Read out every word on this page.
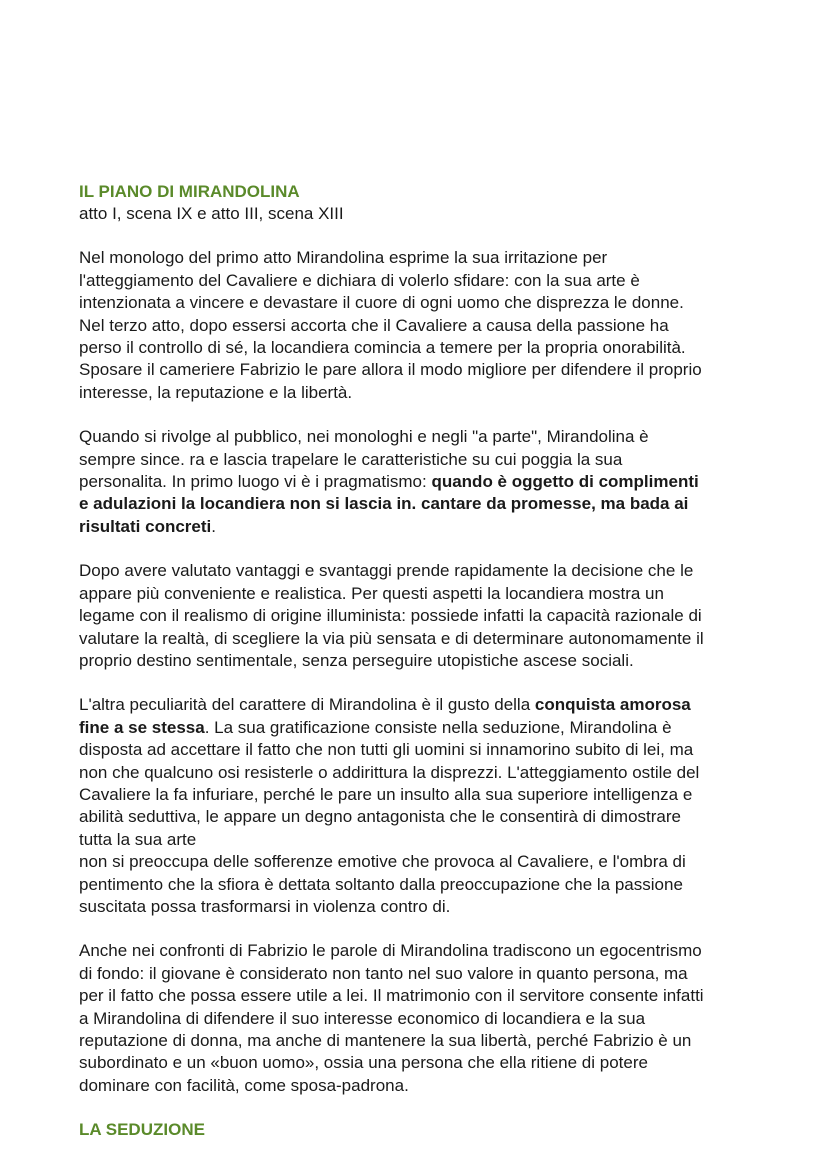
IL PIANO DI MIRANDOLINA

atto I, scena IX e atto III, scena XIII

Nel monologo del primo atto Mirandolina esprime la sua irritazione per
l'atteggiamento del Cavaliere e dichiara di volerlo sfidare: con la sua arte è
intenzionata a vincere e devastare il cuore di ogni uomo che disprezza le donne.
Nel terzo atto, dopo essersi accorta che il Cavaliere a causa della passione ha
perso il controllo di sé, la locandiera comincia a temere per la propria onorabilità.
Sposare il cameriere Fabrizio le pare allora il modo migliore per difendere il proprio
interesse, la reputazione e la libertà.

Quando si rivolge al pubblico, nei monologhi e negli "a parte", Mirandolina è
sempre since. ra e lascia trapelare le caratteristiche su cui poggia la sua
personalita. In primo luogo vi è i pragmatismo: quando è oggetto di complimenti
e adulazioni la locandiera non si lascia in. cantare da promesse, ma bada ai
risultati concreti.

Dopo avere valutato vantaggi e svantaggi prende rapidamente la decisione che le
appare più conveniente e realistica. Per questi aspetti la locandiera mostra un
legame con il realismo di origine illuminista: possiede infatti la capacità razionale di
valutare la realtà, di scegliere la via più sensata e di determinare autonomamente il
proprio destino sentimentale, senza perseguire utopistiche ascese sociali.

L'altra peculiarità del carattere di Mirandolina è il gusto della conquista amorosa
fine a se stessa. La sua gratificazione consiste nella seduzione, Mirandolina è
disposta ad accettare il fatto che non tutti gli uomini si innamorino subito di lei, ma
non che qualcuno osi resisterle o addirittura la disprezzi. L'atteggiamento ostile del
Cavaliere la fa infuriare, perché le pare un insulto alla sua superiore intelligenza e
abilità seduttiva, le appare un degno antagonista che le consentirà di dimostrare
tutta la sua arte
non si preoccupa delle sofferenze emotive che provoca al Cavaliere, e l'ombra di
pentimento che la sfiora è dettata soltanto dalla preoccupazione che la passione
suscitata possa trasformarsi in violenza contro di.

Anche nei confronti di Fabrizio le parole di Mirandolina tradiscono un egocentrismo
di fondo: il giovane è considerato non tanto nel suo valore in quanto persona, ma
per il fatto che possa essere utile a lei. Il matrimonio con il servitore consente infatti
a Mirandolina di difendere il suo interesse economico di locandiera e la sua
reputazione di donna, ma anche di mantenere la sua libertà, perché Fabrizio è un
subordinato e un «buon uomo», ossia una persona che ella ritiene di potere
dominare con facilità, come sposa-padrona.

LA SEDUZIONE
